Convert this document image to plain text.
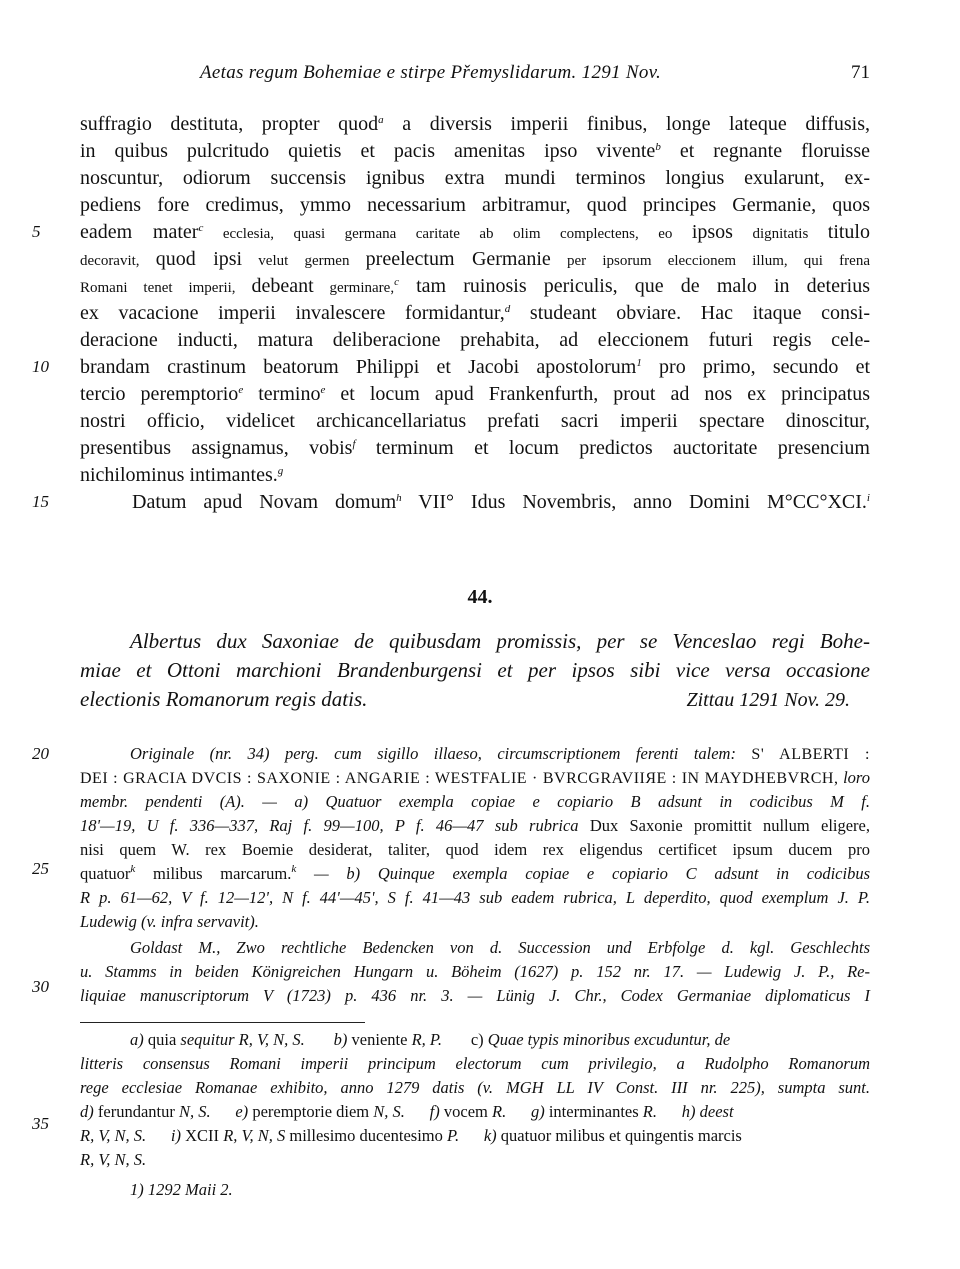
Aetas regum Bohemiae e stirpe Přemyslidarum. 1291 Nov.	71
5
10
15
20
25
30
35
suffragio destituta, propter quod$^a$ a diversis imperii finibus, longe lateque diffusis,
in quibus pulcritudo quietis et pacis amenitas ipso vivente$^b$ et regnante floruisse
noscuntur, odiorum succensis ignibus extra mundi terminos longius exularunt, ex-
pediens fore credimus, ymmo necessarium arbitramur, quod principes Germanie, quos
eadem mater$^c$ ecclesia, quasi germana caritate ab olim complectens, eo ipsos dignitatis titulo
decoravit, quod ipsi velut germen preelectum Germanie per ipsorum eleccionem illum, qui frena
Romani tenet imperii, debeant germinare,$^c$ tam ruinosis periculis, que de malo in deterius
ex vacacione imperii invalescere formidantur,$^d$ studeant obviare. Hac itaque consi-
deracione inducti, matura deliberacione prehabita, ad eleccionem futuri regis cele-
brandam crastinum beatorum Philippi et Jacobi apostolorum$^1$ pro primo, secundo et
tercio peremptorio$^e$ termino$^e$ et locum apud Frankenfurth, prout ad nos ex principatus
nostri officio, videlicet archicancellariatus prefati sacri imperii spectare dinoscitur,
presentibus assignamus, vobis$^f$ terminum et locum predictos auctoritate presencium
nichilominus intimantes.$^g$
Datum apud Novam domum$^h$ VII° Idus Novembris, anno Domini M°CC°XCI.$^i$
44.
Albertus dux Saxoniae de quibusdam promissis, per se Venceslao regi Bohe-
miae et Ottoni marchioni Brandenburgensi et per ipsos sibi vice versa occasione
electionis Romanorum regis datis.	Zittau 1291 Nov. 29.
Originale (nr. 34) perg. cum sigillo illaeso, circumscriptionem ferenti talem: S' ALBERTI :
DEI : GRACIA DVCIS : SAXONIE : ANGARIE : WESTFALIE · BVRCGRAVIIЯE : IN MAYDHEBVRCH, loro
membr. pendenti (A). — a) Quatuor exempla copiae e copiario B adsunt in codicibus M f.
18'—19, U f. 336—337, Raj f. 99—100, P f. 46—47 sub rubrica Dux Saxonie promittit nullum eligere,
nisi quem W. rex Boemie desiderat, taliter, quod idem rex eligendus certificet ipsum ducem pro
quatuor$^k$ milibus marcarum.$^k$ — b) Quinque exempla copiae e copiario C adsunt in codicibus
R p. 61—62, V f. 12—12', N f. 44'—45', S f. 41—43 sub eadem rubrica, L deperdito, quod exemplum J. P.
Ludewig (v. infra servavit).
Goldast M., Zwo rechtliche Bedencken von d. Succession und Erbfolge d. kgl. Geschlechts
u. Stamms in beiden Königreichen Hungarn u. Böheim (1627) p. 152 nr. 17. — Ludewig J. P., Re-
liquiae manuscriptorum V (1723) p. 436 nr. 3. — Lünig J. Chr., Codex Germaniae diplomaticus I
a) quia sequitur R, V, N, S. b) veniente R, P. c) Quae typis minoribus excuduntur, de
litteris consensus Romani imperii principum electorum cum privilegio, a Rudolpho Romanorum
rege ecclesiae Romanae exhibito, anno 1279 datis (v. MGH LL IV Const. III nr. 225), sumpta sunt.
d) ferundantur N, S. e) peremptorie diem N, S. f) vocem R. g) interminantes R. h) deest
R, V, N, S. i) XCII R, V, N, S millesimo ducentesimo P. k) quatuor milibus et quingentis marcis
R, V, N, S.
1) 1292 Maii 2.
